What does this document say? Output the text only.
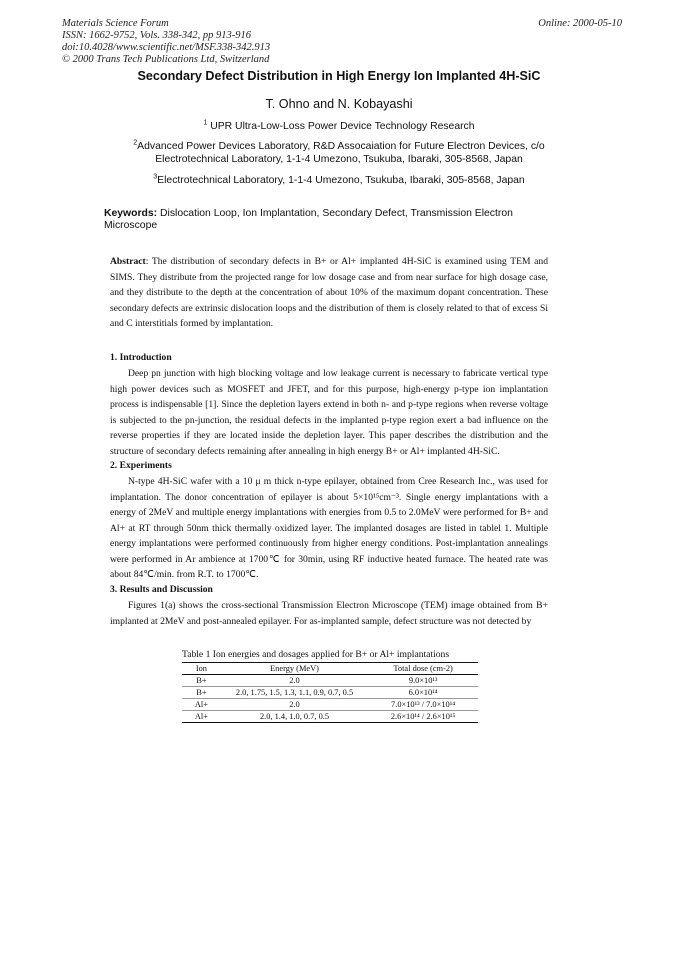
Materials Science Forum
ISSN: 1662-9752, Vols. 338-342, pp 913-916
doi:10.4028/www.scientific.net/MSF.338-342.913
© 2000 Trans Tech Publications Ltd, Switzerland
Online: 2000-05-10
Secondary Defect Distribution in High Energy Ion Implanted 4H-SiC
T. Ohno and N. Kobayashi
$^1$ UPR Ultra-Low-Loss Power Device Technology Research
$^2$Advanced Power Devices Laboratory, R&D Assocaiation for Future Electron Devices, c/o
Electrotechnical Laboratory, 1-1-4 Umezono, Tsukuba, Ibaraki, 305-8568, Japan
$^3$Electrotechnical Laboratory, 1-1-4 Umezono, Tsukuba, Ibaraki, 305-8568, Japan
Keywords: Dislocation Loop, Ion Implantation, Secondary Defect, Transmission Electron Microscope
Abstract: The distribution of secondary defects in B+ or Al+ implanted 4H-SiC is examined using TEM and SIMS. They distribute from the projected range for low dosage case and from near surface for high dosage case, and they distribute to the depth at the concentration of about 10% of the maximum dopant concentration. These secondary defects are extrinsic dislocation loops and the distribution of them is closely related to that of excess Si and C interstitials formed by implantation.
1. Introduction
Deep pn junction with high blocking voltage and low leakage current is necessary to fabricate vertical type high power devices such as MOSFET and JFET, and for this purpose, high-energy p-type ion implantation process is indispensable [1]. Since the depletion layers extend in both n- and p-type regions when reverse voltage is subjected to the pn-junction, the residual defects in the implanted p-type region exert a bad influence on the reverse properties if they are located inside the depletion layer. This paper describes the distribution and the structure of secondary defects remaining after annealing in high energy B+ or Al+ implanted 4H-SiC.
2. Experiments
N-type 4H-SiC wafer with a 10 μ m thick n-type epilayer, obtained from Cree Research Inc., was used for implantation. The donor concentration of epilayer is about 5×10¹⁵cm⁻³. Single energy implantations with a energy of 2MeV and multiple energy implantations with energies from 0.5 to 2.0MeV were performed for B+ and Al+ at RT through 50nm thick thermally oxidized layer. The implanted dosages are listed in tablel 1. Multiple energy implantations were performed continuously from higher energy conditions. Post-implantation annealings were performed in Ar ambience at 1700℃ for 30min, using RF inductive heated furnace. The heated rate was about 84℃/min. from R.T. to 1700℃.
3. Results and Discussion
Figures 1(a) shows the cross-sectional Transmission Electron Microscope (TEM) image obtained from B+ implanted at 2MeV and post-annealed epilayer. For as-implanted sample, defect structure was not detected by
Table 1 Ion energies and dosages applied for B+ or Al+ implantations
Ion	Energy (MeV)	Total dose (cm-2)
B+	2.0	9.0×10¹³
B+	2.0, 1.75, 1.5, 1.3, 1.1, 0.9, 0.7, 0.5	6.0×10¹⁴
Al+	2.0	7.0×10¹³ / 7.0×10¹⁴
Al+	2.0, 1.4, 1.0, 0.7, 0.5	2.6×10¹⁴ / 2.6×10¹⁵
